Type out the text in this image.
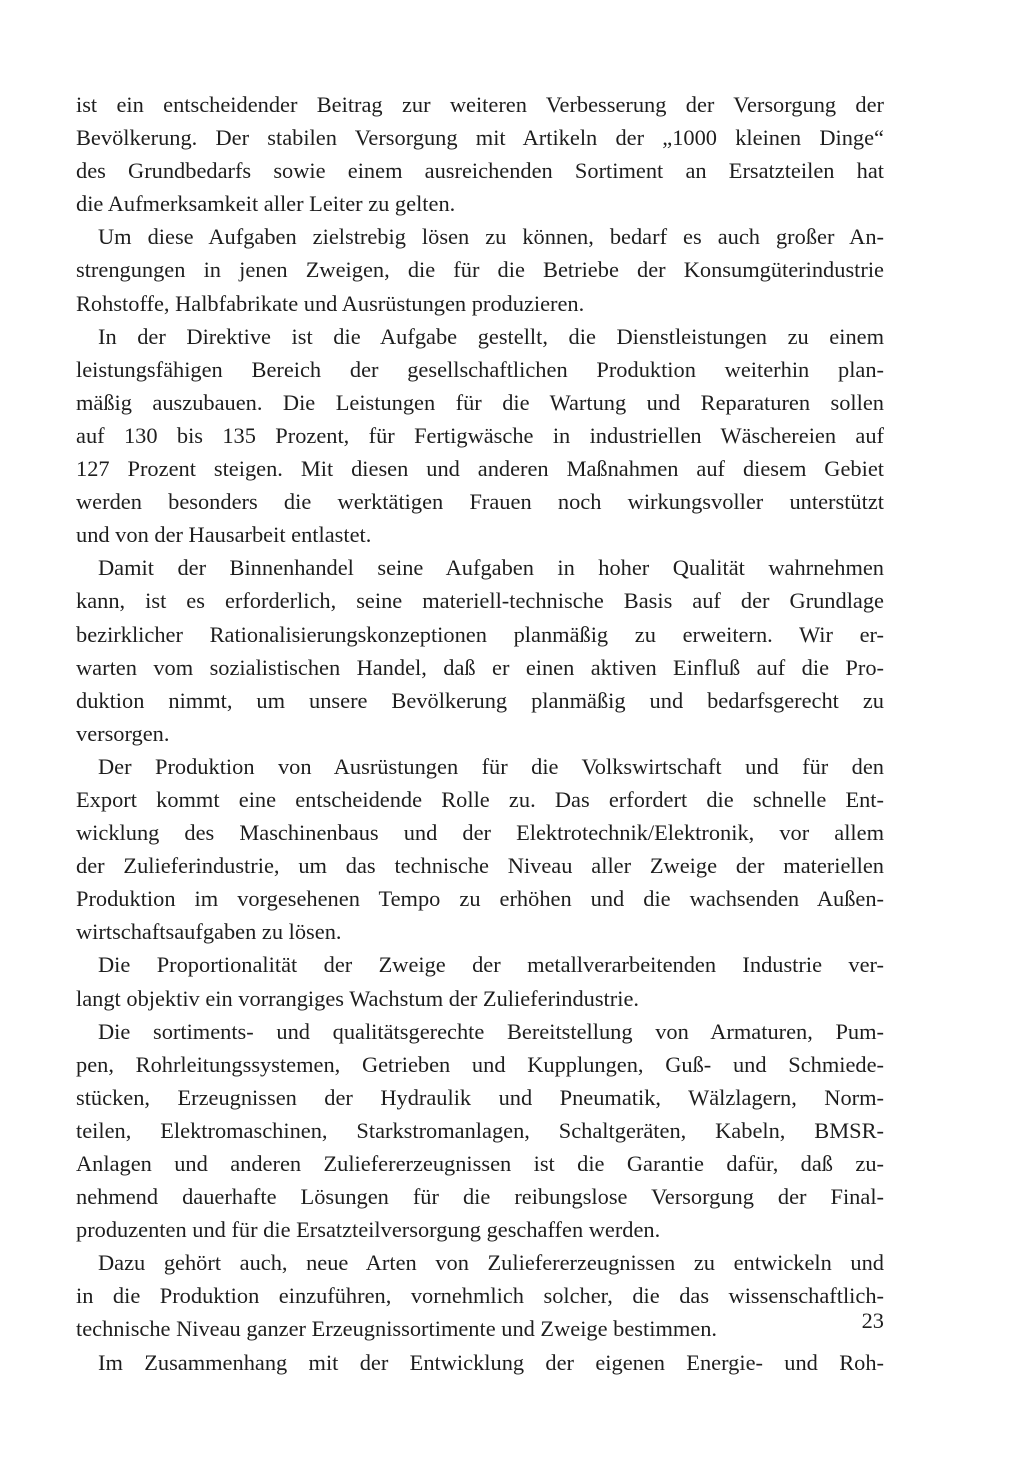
ist ein entscheidender Beitrag zur weiteren Verbesserung der Versorgung der
Bevölkerung. Der stabilen Versorgung mit Artikeln der „1000 kleinen Dinge“
des Grundbedarfs sowie einem ausreichenden Sortiment an Ersatzteilen hat
die Aufmerksamkeit aller Leiter zu gelten.
Um diese Aufgaben zielstrebig lösen zu können, bedarf es auch großer An-
strengungen in jenen Zweigen, die für die Betriebe der Konsumgüterindustrie
Rohstoffe, Halbfabrikate und Ausrüstungen produzieren.
In der Direktive ist die Aufgabe gestellt, die Dienstleistungen zu einem
leistungsfähigen Bereich der gesellschaftlichen Produktion weiterhin plan-
mäßig auszubauen. Die Leistungen für die Wartung und Reparaturen sollen
auf 130 bis 135 Prozent, für Fertigwäsche in industriellen Wäschereien auf
127 Prozent steigen. Mit diesen und anderen Maßnahmen auf diesem Gebiet
werden besonders die werktätigen Frauen noch wirkungsvoller unterstützt
und von der Hausarbeit entlastet.
Damit der Binnenhandel seine Aufgaben in hoher Qualität wahrnehmen
kann, ist es erforderlich, seine materiell-technische Basis auf der Grundlage
bezirklicher Rationalisierungskonzeptionen planmäßig zu erweitern. Wir er-
warten vom sozialistischen Handel, daß er einen aktiven Einfluß auf die Pro-
duktion nimmt, um unsere Bevölkerung planmäßig und bedarfsgerecht zu
versorgen.
Der Produktion von Ausrüstungen für die Volkswirtschaft und für den
Export kommt eine entscheidende Rolle zu. Das erfordert die schnelle Ent-
wicklung des Maschinenbaus und der Elektrotechnik/Elektronik, vor allem
der Zulieferindustrie, um das technische Niveau aller Zweige der materiellen
Produktion im vorgesehenen Tempo zu erhöhen und die wachsenden Außen-
wirtschaftsaufgaben zu lösen.
Die Proportionalität der Zweige der metallverarbeitenden Industrie ver-
langt objektiv ein vorrangiges Wachstum der Zulieferindustrie.
Die sortiments- und qualitätsgerechte Bereitstellung von Armaturen, Pum-
pen, Rohrleitungssystemen, Getrieben und Kupplungen, Guß- und Schmiede-
stücken, Erzeugnissen der Hydraulik und Pneumatik, Wälzlagern, Norm-
teilen, Elektromaschinen, Starkstromanlagen, Schaltgeräten, Kabeln, BMSR-
Anlagen und anderen Zuliefererzeugnissen ist die Garantie dafür, daß zu-
nehmend dauerhafte Lösungen für die reibungslose Versorgung der Final-
produzenten und für die Ersatzteilversorgung geschaffen werden.
Dazu gehört auch, neue Arten von Zuliefererzeugnissen zu entwickeln und
in die Produktion einzuführen, vornehmlich solcher, die das wissenschaftlich-
technische Niveau ganzer Erzeugnissortimente und Zweige bestimmen.
Im Zusammenhang mit der Entwicklung der eigenen Energie- und Roh-
23
